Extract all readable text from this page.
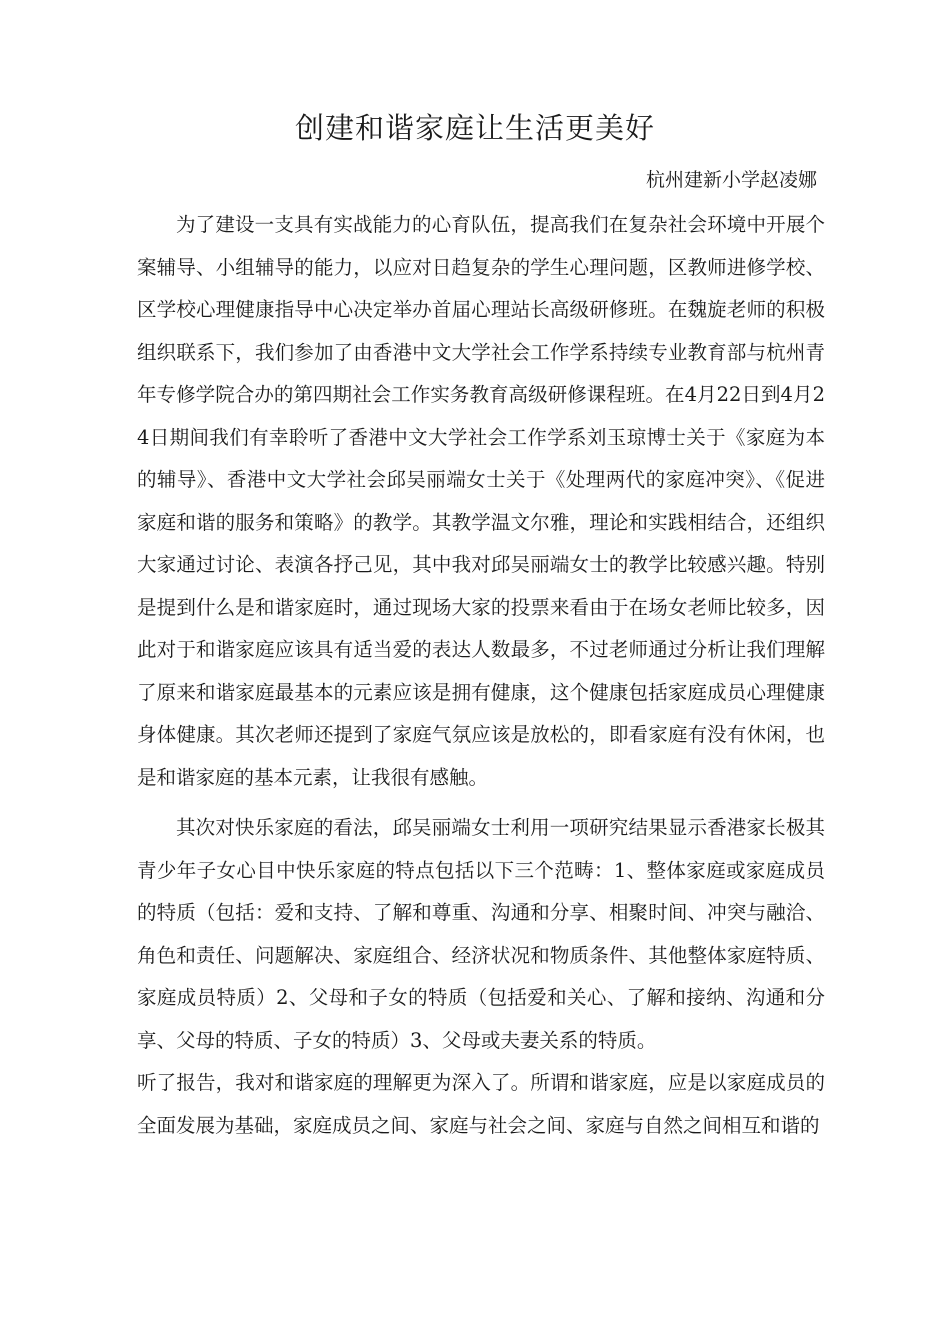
创建和谐家庭让生活更美好

杭州建新小学赵凌娜

为了建设一支具有实战能力的心育队伍，提高我们在复杂社会环境中开展个案辅导、小组辅导的能力，以应对日趋复杂的学生心理问题，区教师进修学校、区学校心理健康指导中心决定举办首届心理站长高级研修班。在魏旋老师的积极组织联系下，我们参加了由香港中文大学社会工作学系持续专业教育部与杭州青年专修学院合办的第四期社会工作实务教育高级研修课程班。在4月22日到4月24日期间我们有幸聆听了香港中文大学社会工作学系刘玉琼博士关于《家庭为本的辅导》、香港中文大学社会邱吴丽端女士关于《处理两代的家庭冲突》、《促进家庭和谐的服务和策略》的教学。其教学温文尔雅，理论和实践相结合，还组织大家通过讨论、表演各抒己见，其中我对邱吴丽端女士的教学比较感兴趣。特别是提到什么是和谐家庭时，通过现场大家的投票来看由于在场女老师比较多，因此对于和谐家庭应该具有适当爱的表达人数最多，不过老师通过分析让我们理解了原来和谐家庭最基本的元素应该是拥有健康，这个健康包括家庭成员心理健康身体健康。其次老师还提到了家庭气氛应该是放松的，即看家庭有没有休闲，也是和谐家庭的基本元素，让我很有感触。

其次对快乐家庭的看法，邱吴丽端女士利用一项研究结果显示香港家长极其青少年子女心目中快乐家庭的特点包括以下三个范畴：1、整体家庭或家庭成员的特质（包括：爱和支持、了解和尊重、沟通和分享、相聚时间、冲突与融洽、角色和责任、问题解决、家庭组合、经济状况和物质条件、其他整体家庭特质、家庭成员特质）2、父母和子女的特质（包括爱和关心、了解和接纳、沟通和分享、父母的特质、子女的特质）3、父母或夫妻关系的特质。

听了报告，我对和谐家庭的理解更为深入了。所谓和谐家庭，应是以家庭成员的全面发展为基础，家庭成员之间、家庭与社会之间、家庭与自然之间相互和谐的
